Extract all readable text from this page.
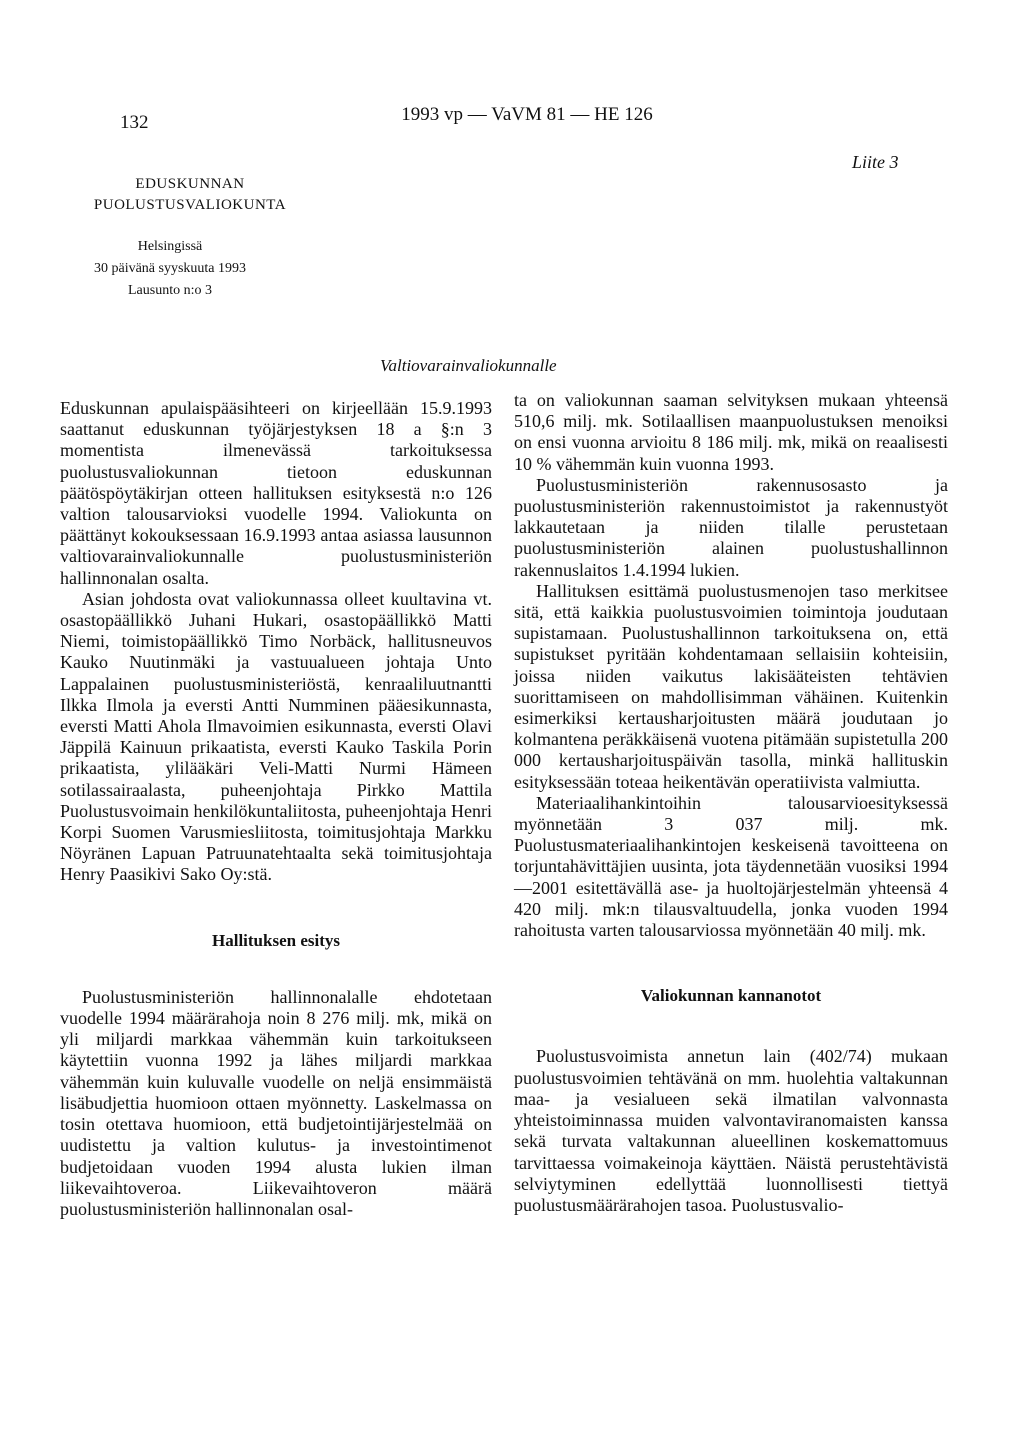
132	1993 vp — VaVM 81 — HE 126
Liite 3
EDUSKUNNAN
PUOLUSTUSVALIOKUNTA
Helsingissä
30 päivänä syyskuuta 1993
Lausunto n:o 3
Valtiovarainvaliokunnalle

Eduskunnan apulaispääsihteeri on kirjeellään 15.9.1993 saattanut eduskunnan työjärjestyksen 18 a §:n 3 momentista ilmenevässä tarkoituksessa puolustusvaliokunnan tietoon eduskunnan päätöspöytäkirjan otteen hallituksen esityksestä n:o 126 valtion talousarvioksi vuodelle 1994. Valiokunta on päättänyt kokouksessaan 16.9.1993 antaa asiassa lausunnon valtiovarainvaliokunnalle puolustusministeriön hallinnonalan osalta.

Asian johdosta ovat valiokunnassa olleet kuultavina vt. osastopäällikkö Juhani Hukari, osastopäällikkö Matti Niemi, toimistopäällikkö Timo Norbäck, hallitusneuvos Kauko Nuutinmäki ja vastuualueen johtaja Unto Lappalainen puolustusministeriöstä, kenraaliluutnantti Ilkka Ilmola ja eversti Antti Numminen pääesikunnasta, eversti Matti Ahola Ilmavoimien esikunnasta, eversti Olavi Jäppilä Kainuun prikaatista, eversti Kauko Taskila Porin prikaatista, ylilääkäri Veli-Matti Nurmi Hämeen sotilassairaalasta, puheenjohtaja Pirkko Mattila Puolustusvoimain henkilökuntaliitosta, puheenjohtaja Henri Korpi Suomen Varusmiesliitosta, toimitusjohtaja Markku Nöyränen Lapuan Patruunatehtaalta sekä toimitusjohtaja Henry Paasikivi Sako Oy:stä.

Hallituksen esitys

Puolustusministeriön hallinnonalalle ehdotetaan vuodelle 1994 määrärahoja noin 8 276 milj. mk, mikä on yli miljardi markkaa vähemmän kuin tarkoitukseen käytettiin vuonna 1992 ja lähes miljardi markkaa vähemmän kuin kuluvalle vuodelle on neljä ensimmäistä lisäbudjettia huomioon ottaen myönnetty. Laskelmassa on tosin otettava huomioon, että budjetointijärjestelmää on uudistettu ja valtion kulutus- ja investointimenot budjetoidaan vuoden 1994 alusta lukien ilman liikevaihtoveroa. Liikevaihtoveron määrä puolustusministeriön hallinnonalan osal-

ta on valiokunnan saaman selvityksen mukaan yhteensä 510,6 milj. mk. Sotilaallisen maanpuolustuksen menoiksi on ensi vuonna arvioitu 8 186 milj. mk, mikä on reaalisesti 10 % vähemmän kuin vuonna 1993.

Puolustusministeriön rakennusosasto ja puolustusministeriön rakennustoimistot ja rakennustyöt lakkautetaan ja niiden tilalle perustetaan puolustusministeriön alainen puolustushallinnon rakennuslaitos 1.4.1994 lukien.

Hallituksen esittämä puolustusmenojen taso merkitsee sitä, että kaikkia puolustusvoimien toimintoja joudutaan supistamaan. Puolustushallinnon tarkoituksena on, että supistukset pyritään kohdentamaan sellaisiin kohteisiin, joissa niiden vaikutus lakisääteisten tehtävien suorittamiseen on mahdollisimman vähäinen. Kuitenkin esimerkiksi kertausharjoitusten määrä joudutaan jo kolmantena peräkkäisenä vuotena pitämään supistetulla 200 000 kertausharjoituspäivän tasolla, minkä hallituskin esityksessään toteaa heikentävän operatiivista valmiutta.

Materiaalihankintoihin talousarvioesityksessä myönnetään 3 037 milj. mk. Puolustusmateriaalihankintojen keskeisenä tavoitteena on torjuntahävittäjien uusinta, jota täydennetään vuosiksi 1994—2001 esitettävällä ase- ja huoltojärjestelmän yhteensä 4 420 milj. mk:n tilausvaltuudella, jonka vuoden 1994 rahoitusta varten talousarviossa myönnetään 40 milj. mk.

Valiokunnan kannanotot

Puolustusvoimista annetun lain (402/74) mukaan puolustusvoimien tehtävänä on mm. huolehtia valtakunnan maa- ja vesialueen sekä ilmatilan valvonnasta yhteistoiminnassa muiden valvontaviranomaisten kanssa sekä turvata valtakunnan alueellinen koskemattomuus tarvittaessa voimakeinoja käyttäen. Näistä perustehtävistä selviytyminen edellyttää luonnollisesti tiettyä puolustusmäärärahojen tasoa. Puolustusvalio-
